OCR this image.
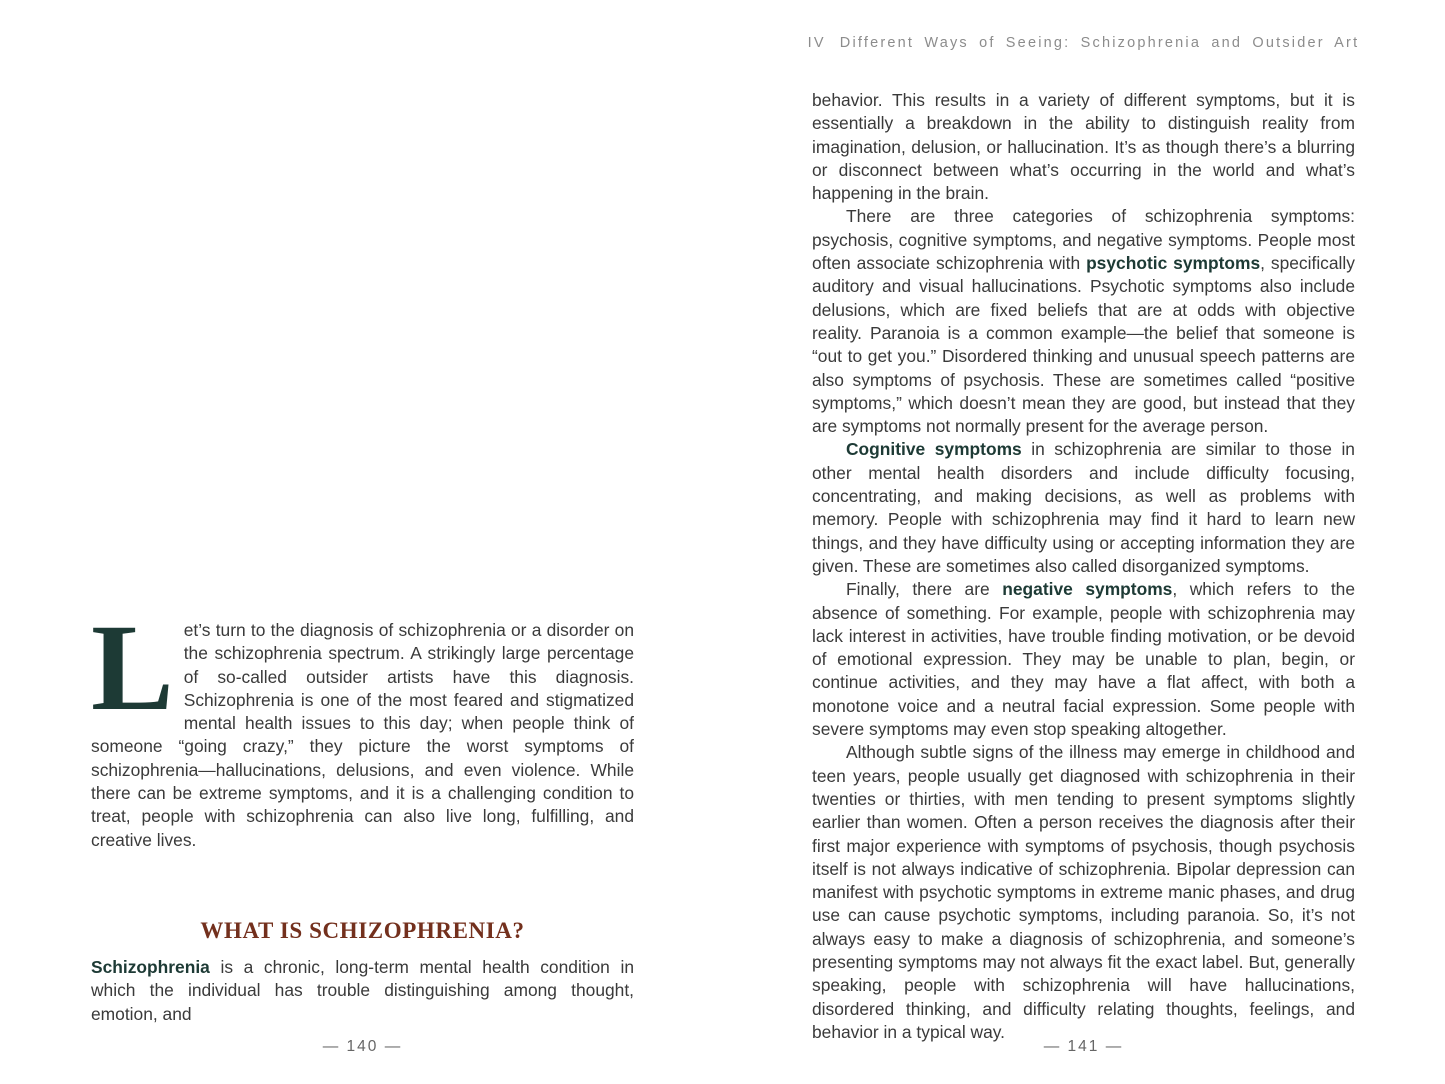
L et’s turn to the diagnosis of schizophrenia or a disorder on the schizophrenia spectrum. A strikingly large percentage of so-called outsider artists have this diagnosis. Schizophrenia is one of the most feared and stigmatized mental health issues to this day; when people think of someone “going crazy,” they picture the worst symptoms of schizophrenia—hallucinations, delusions, and even violence. While there can be extreme symptoms, and it is a challenging condition to treat, people with schizophrenia can also live long, fulfilling, and creative lives.
WHAT IS SCHIZOPHRENIA?

Schizophrenia is a chronic, long-term mental health condition in which the individual has trouble distinguishing among thought, emotion, and

— 140 —
IV Different Ways of Seeing: Schizophrenia and Outsider Art

behavior. This results in a variety of different symptoms, but it is essentially a breakdown in the ability to distinguish reality from imagination, delusion, or hallucination. It’s as though there’s a blurring or disconnect between what’s occurring in the world and what’s happening in the brain.

There are three categories of schizophrenia symptoms: psychosis, cognitive symptoms, and negative symptoms. People most often associate schizophrenia with psychotic symptoms, specifically auditory and visual hallucinations. Psychotic symptoms also include delusions, which are fixed beliefs that are at odds with objective reality. Paranoia is a common example—the belief that someone is “out to get you.” Disordered thinking and unusual speech patterns are also symptoms of psychosis. These are sometimes called “positive symptoms,” which doesn’t mean they are good, but instead that they are symptoms not normally present for the average person.

Cognitive symptoms in schizophrenia are similar to those in other mental health disorders and include difficulty focusing, concentrating, and making decisions, as well as problems with memory. People with schizophrenia may find it hard to learn new things, and they have difficulty using or accepting information they are given. These are sometimes also called disorganized symptoms.

Finally, there are negative symptoms, which refers to the absence of something. For example, people with schizophrenia may lack interest in activities, have trouble finding motivation, or be devoid of emotional expression. They may be unable to plan, begin, or continue activities, and they may have a flat affect, with both a monotone voice and a neutral facial expression. Some people with severe symptoms may even stop speaking altogether.

Although subtle signs of the illness may emerge in childhood and teen years, people usually get diagnosed with schizophrenia in their twenties or thirties, with men tending to present symptoms slightly earlier than women. Often a person receives the diagnosis after their first major experience with symptoms of psychosis, though psychosis itself is not always indicative of schizophrenia. Bipolar depression can manifest with psychotic symptoms in extreme manic phases, and drug use can cause psychotic symptoms, including paranoia. So, it’s not always easy to make a diagnosis of schizophrenia, and someone’s presenting symptoms may not always fit the exact label. But, generally speaking, people with schizophrenia will have hallucinations, disordered thinking, and difficulty relating thoughts, feelings, and behavior in a typical way.

— 141 —
